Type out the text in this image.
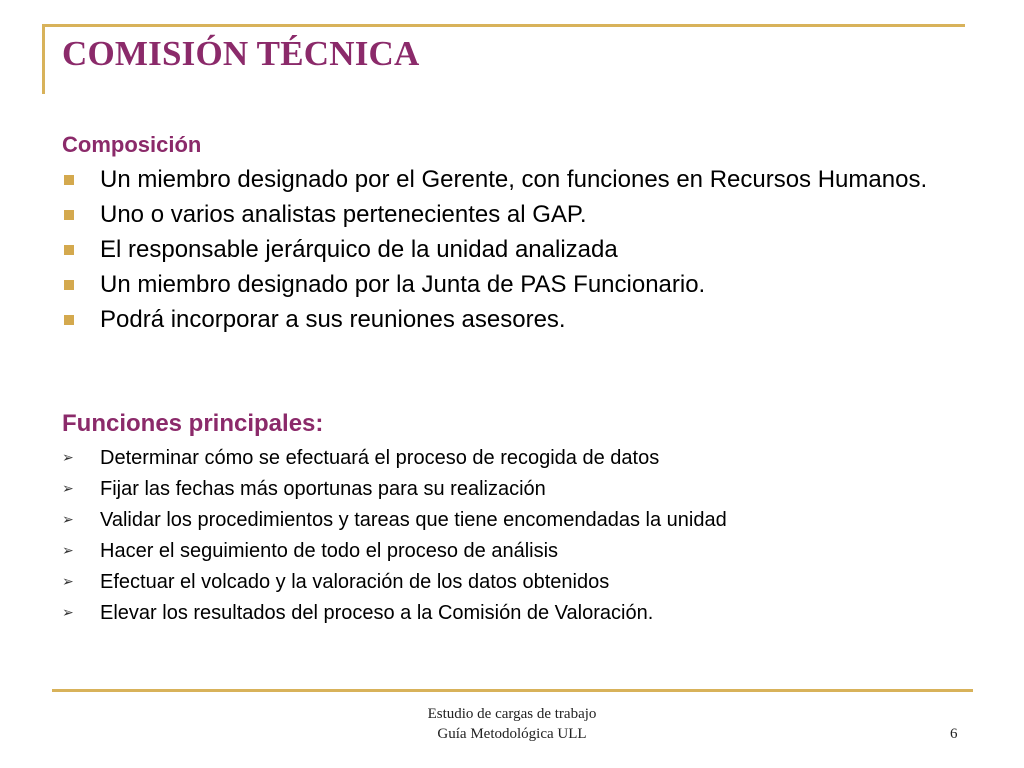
COMISIÓN TÉCNICA
Composición
Un miembro designado por el Gerente, con funciones en Recursos Humanos.
Uno o varios analistas pertenecientes al GAP.
El responsable jerárquico de la unidad analizada
Un miembro designado por la Junta de PAS Funcionario.
Podrá incorporar a sus reuniones asesores.
Funciones principales:
➢ Determinar cómo se efectuará el proceso de recogida de datos
➢ Fijar las fechas más oportunas para su realización
➢ Validar los procedimientos y tareas que tiene encomendadas la unidad
➢ Hacer el seguimiento de todo el proceso de análisis
➢ Efectuar el volcado y la valoración de los datos obtenidos
➢ Elevar los resultados del proceso a la Comisión de Valoración.
Estudio de cargas de trabajo
Guía Metodológica ULL	6
